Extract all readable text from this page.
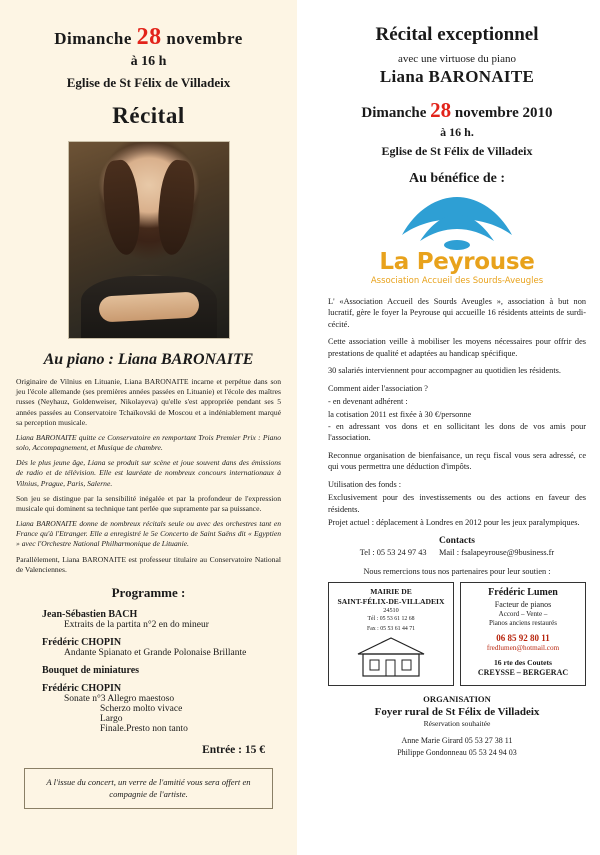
Dimanche 28 novembre
à 16 h
Eglise de St Félix de Villadeix
Récital
Au piano : Liana BARONAITE

Originaire de Vilnius en Lituanie, Liana BARONAITE incarne et perpétue dans son jeu l'école allemande (ses premières années passées en Lituanie) et l'école des maîtres russes (Neyhauz, Goldenweiser, Nikolayeva) qu'elle s'est appropriée pendant ses 5 années passées au Conservatoire Tchaïkovski de Moscou et a indéniablement marqué sa perception musicale.

Liana BARONAITE quitte ce Conservatoire en remportant Trois Premier Prix : Piano solo, Accompagnement, et Musique de chambre.

Dès le plus jeune âge, Liana se produit sur scène et joue souvent dans des émissions de radio et de télévision. Elle est lauréate de nombreux concours internationaux à Vilnius, Prague, Paris, Salerne.

Son jeu se distingue par la sensibilité inégalée et par la profondeur de l'expression musicale qui dominent sa technique tant perlée que supramente par sa puissance.

Liana BARONAITE donne de nombreux récitals seule ou avec des orchestres tant en France qu'à l'Etranger. Elle a enregistré le 5e Concerto de Saint Saëns dit « Egyptien » avec l'Orchestre National Philharmonique de Lituanie.

Parallèlement, Liana BARONAITE est professeur titulaire au Conservatoire National de Valenciennes.

Programme :
Jean-Sébastien BACH
Extraits de la partita n°2 en do mineur
Frédéric CHOPIN
Andante Spianato et Grande Polonaise Brillante
Bouquet de miniatures
Frédéric CHOPIN
Sonate n°3 Allegro maestoso
Scherzo molto vivace
Largo
Finale.Presto non tanto
Entrée : 15 €
A l'issue du concert, un verre de l'amitié vous sera offert en compagnie de l'artiste.
Récital exceptionnel
avec une virtuose du piano
Liana BARONAITE
Dimanche 28 novembre 2010
à 16 h.
Eglise de St Félix de Villadeix
Au bénéfice de :
La Peyrouse
Association Accueil des Sourds-Aveugles

L' «Association Accueil des Sourds Aveugles », association à but non lucratif, gère le foyer la Peyrouse qui accueille 16 résidents atteints de surdi-cécité.

Cette association veille à mobiliser les moyens nécessaires pour offrir des prestations de qualité et adaptées au handicap spécifique.

30 salariés interviennent pour accompagner au quotidien les résidents.

Comment aider l'association ?

- en devenant adhérent :

la cotisation 2011 est fixée à 30 €/personne

- en adressant vos dons et en sollicitant les dons de vos amis pour l'association.

Reconnue organisation de bienfaisance, un reçu fiscal vous sera adressé, ce qui vous permettra une déduction d'impôts.

Utilisation des fonds :

Exclusivement pour des investissements ou des actions en faveur des résidents.

Projet actuel : déplacement à Londres en 2012 pour les jeux paralympiques.

Contacts
Tel : 05 53 24 97 43 Mail : fsalapeyrouse@9business.fr
Nous remercions tous nos partenaires pour leur soutien :
MAIRIE DE
SAINT-FÉLIX-DE-VILLADEIX
24510
Tél : 05 53 61 12 68
Fax : 05 53 61 44 71
Frédéric Lumen
Facteur de pianos
Accord – Vente –
Pianos anciens restaurés
06 85 92 80 11
fredlumen@hotmail.com
16 rte des Coutets
CREYSSE – BERGERAC
ORGANISATION
Foyer rural de St Félix de Villadeix
Réservation souhaitée
Anne Marie Girard 05 53 27 38 11
Philippe Gondonneau 05 53 24 94 03
